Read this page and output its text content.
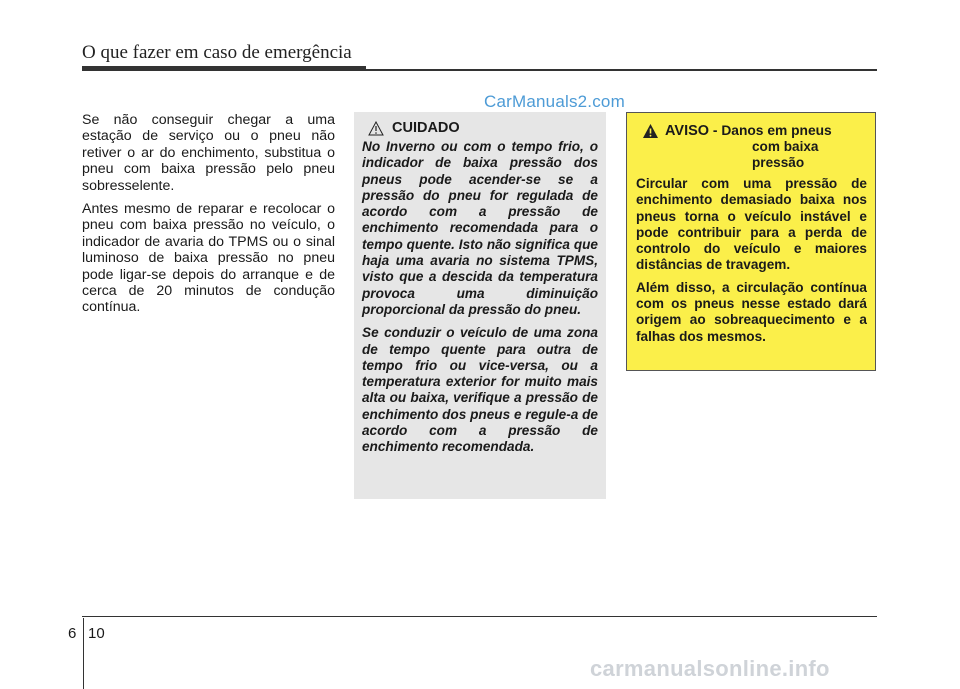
O que fazer em caso de emergência
CarManuals2.com

Se não conseguir chegar a uma estação de serviço ou o pneu não retiver o ar do enchimento, substitua o pneu com baixa pressão pelo pneu sobresselente.

Antes mesmo de reparar e recolocar o pneu com baixa pressão no veículo, o indicador de avaria do TPMS ou o sinal luminoso de baixa pressão no pneu pode ligar-se depois do arranque e de cerca de 20 minutos de condução contínua.

CUIDADO

No Inverno ou com o tempo frio, o indicador de baixa pressão dos pneus pode acender-se se a pressão do pneu for regulada de acordo com a pressão de enchimento recomendada para o tempo quente. Isto não significa que haja uma avaria no sistema TPMS, visto que a descida da temperatura provoca uma diminuição proporcional da pressão do pneu.

Se conduzir o veículo de uma zona de tempo quente para outra de tempo frio ou vice-versa, ou a temperatura exterior for muito mais alta ou baixa, verifique a pressão de enchimento dos pneus e regule-a de acordo com a pressão de enchimento recomendada.

AVISO - Danos em pneus
com baixa pressão

Circular com uma pressão de enchimento demasiado baixa nos pneus torna o veículo instável e pode contribuir para a perda de controlo do veículo e maiores distâncias de travagem.

Além disso, a circulação contínua com os pneus nesse estado dará origem ao sobreaquecimento e a falhas dos mesmos.

6 10
carmanualsonline.info
